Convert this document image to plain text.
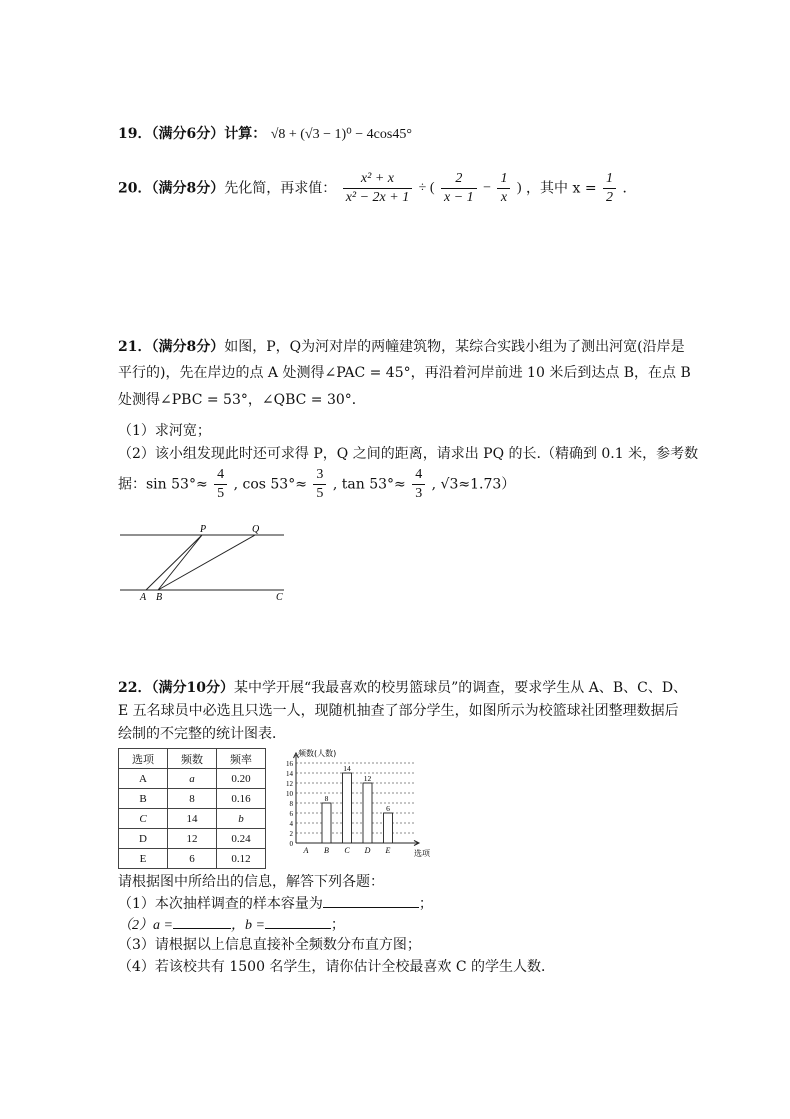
19．（满分6分）计算： √8 + (√3 − 1)⁰ − 4cos45°
20．（满分8分）先化简，再求值： $\frac{\text{x² + x}}{\text{x² − 2x + 1}}$ ÷ ( $\frac{2}{x - 1} - \frac{1}{x}$ ) ，其中 $x = \frac{1}{2}$ ．
21．（满分8分）如图，P，Q为河对岸的两幢建筑物，某综合实践小组为了测出河宽(沿岸是
平行的)，先在岸边的点 A 处测得∠PAC = 45°，再沿着河岸前进 10 米后到达点 B，在点 B
处测得∠PBC = 53°，∠QBC = 30°．
（1）求河宽；
（2）该小组发现此时还可求得 P，Q 之间的距离，请求出 PQ 的长.（精确到 0.1 米，参考数
据：$\sin 53^\circ\approx \frac{4}{5}$ , $\cos 53^\circ\approx \frac{3}{5}$ , $\tan 53^\circ\approx \frac{4}{3}$ , √3≈1.73）
P	Q
A B	C
22．（满分10分）某中学开展“我最喜欢的校男篮球员”的调查，要求学生从 A、B、C、D、
E 五名球员中必选且只选一人，现随机抽查了部分学生，如图所示为校篮球社团整理数据后
绘制的不完整的统计图表．
选项	频数	频率
A	a	0.20
B	8	0.16
C	14	b
D	12	0.24
E	6	0.12
0
2
4
6
8
10
12
14
16
频数(人数)
选项
A B
8
C
14
D
12
E
6
请根据图中所给出的信息，解答下列各题：
（1）本次抽样调查的样本容量为	；
（2）a =	，b =	；
（3）请根据以上信息直接补全频数分布直方图；
（4）若该校共有 1500 名学生，请你估计全校最喜欢 C 的学生人数．
